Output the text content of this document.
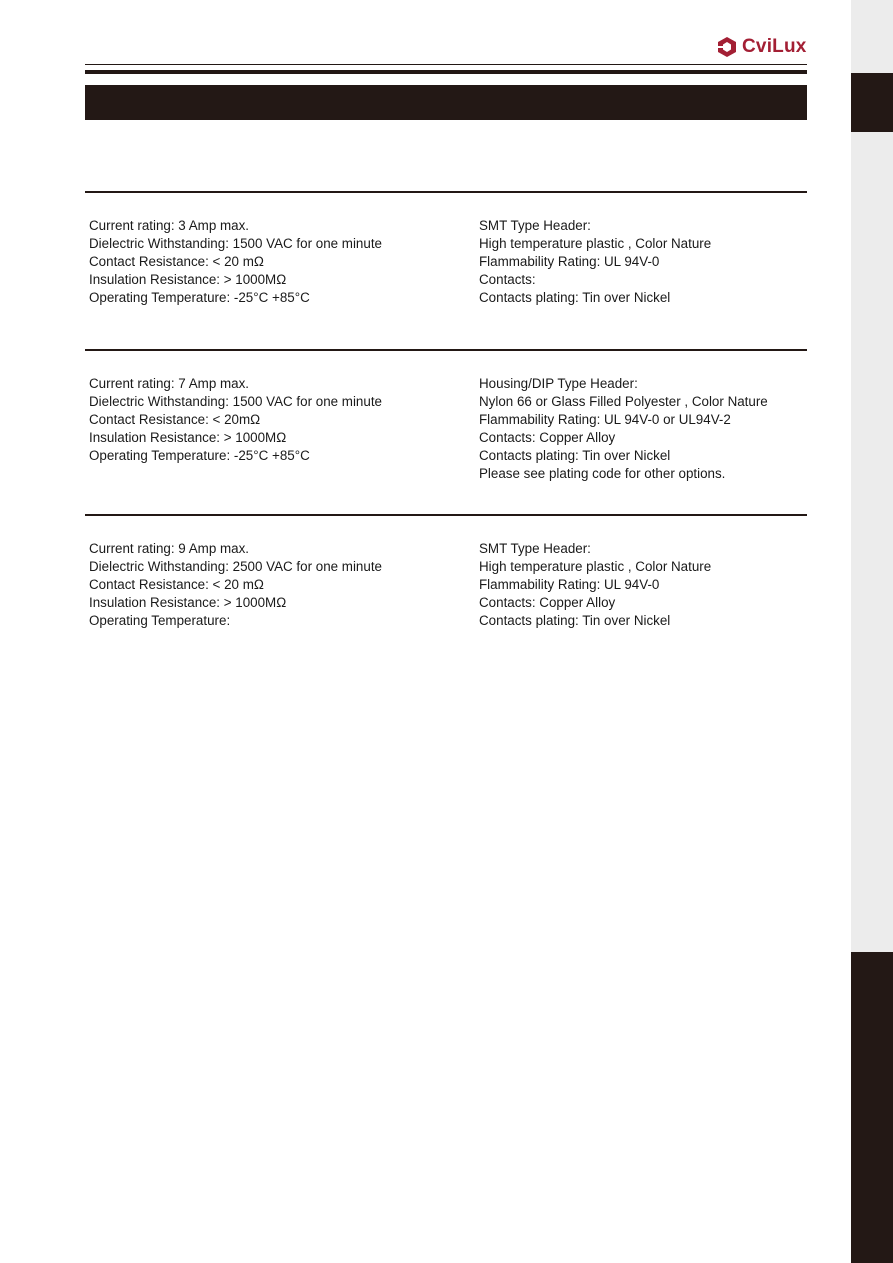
CviLux
Current rating: 3 Amp max.
Dielectric Withstanding: 1500 VAC for one minute
Contact Resistance: < 20 mΩ
Insulation Resistance: > 1000MΩ
Operating Temperature: -25°C +85°C
SMT Type Header:
High temperature plastic , Color Nature
Flammability Rating: UL 94V-0
Contacts:
Contacts plating: Tin over Nickel
Current rating: 7 Amp max.
Dielectric Withstanding: 1500 VAC for one minute
Contact Resistance: < 20mΩ
Insulation Resistance: > 1000MΩ
Operating Temperature: -25°C +85°C
Housing/DIP Type Header:
Nylon 66 or Glass Filled Polyester , Color Nature
Flammability Rating: UL 94V-0 or UL94V-2
Contacts: Copper Alloy
Contacts plating: Tin over Nickel
Please see plating code for other options.
Current rating: 9 Amp max.
Dielectric Withstanding: 2500 VAC for one minute
Contact Resistance: < 20 mΩ
Insulation Resistance: > 1000MΩ
Operating Temperature:
SMT Type Header:
High temperature plastic , Color Nature
Flammability Rating: UL 94V-0
Contacts: Copper Alloy
Contacts plating: Tin over Nickel
